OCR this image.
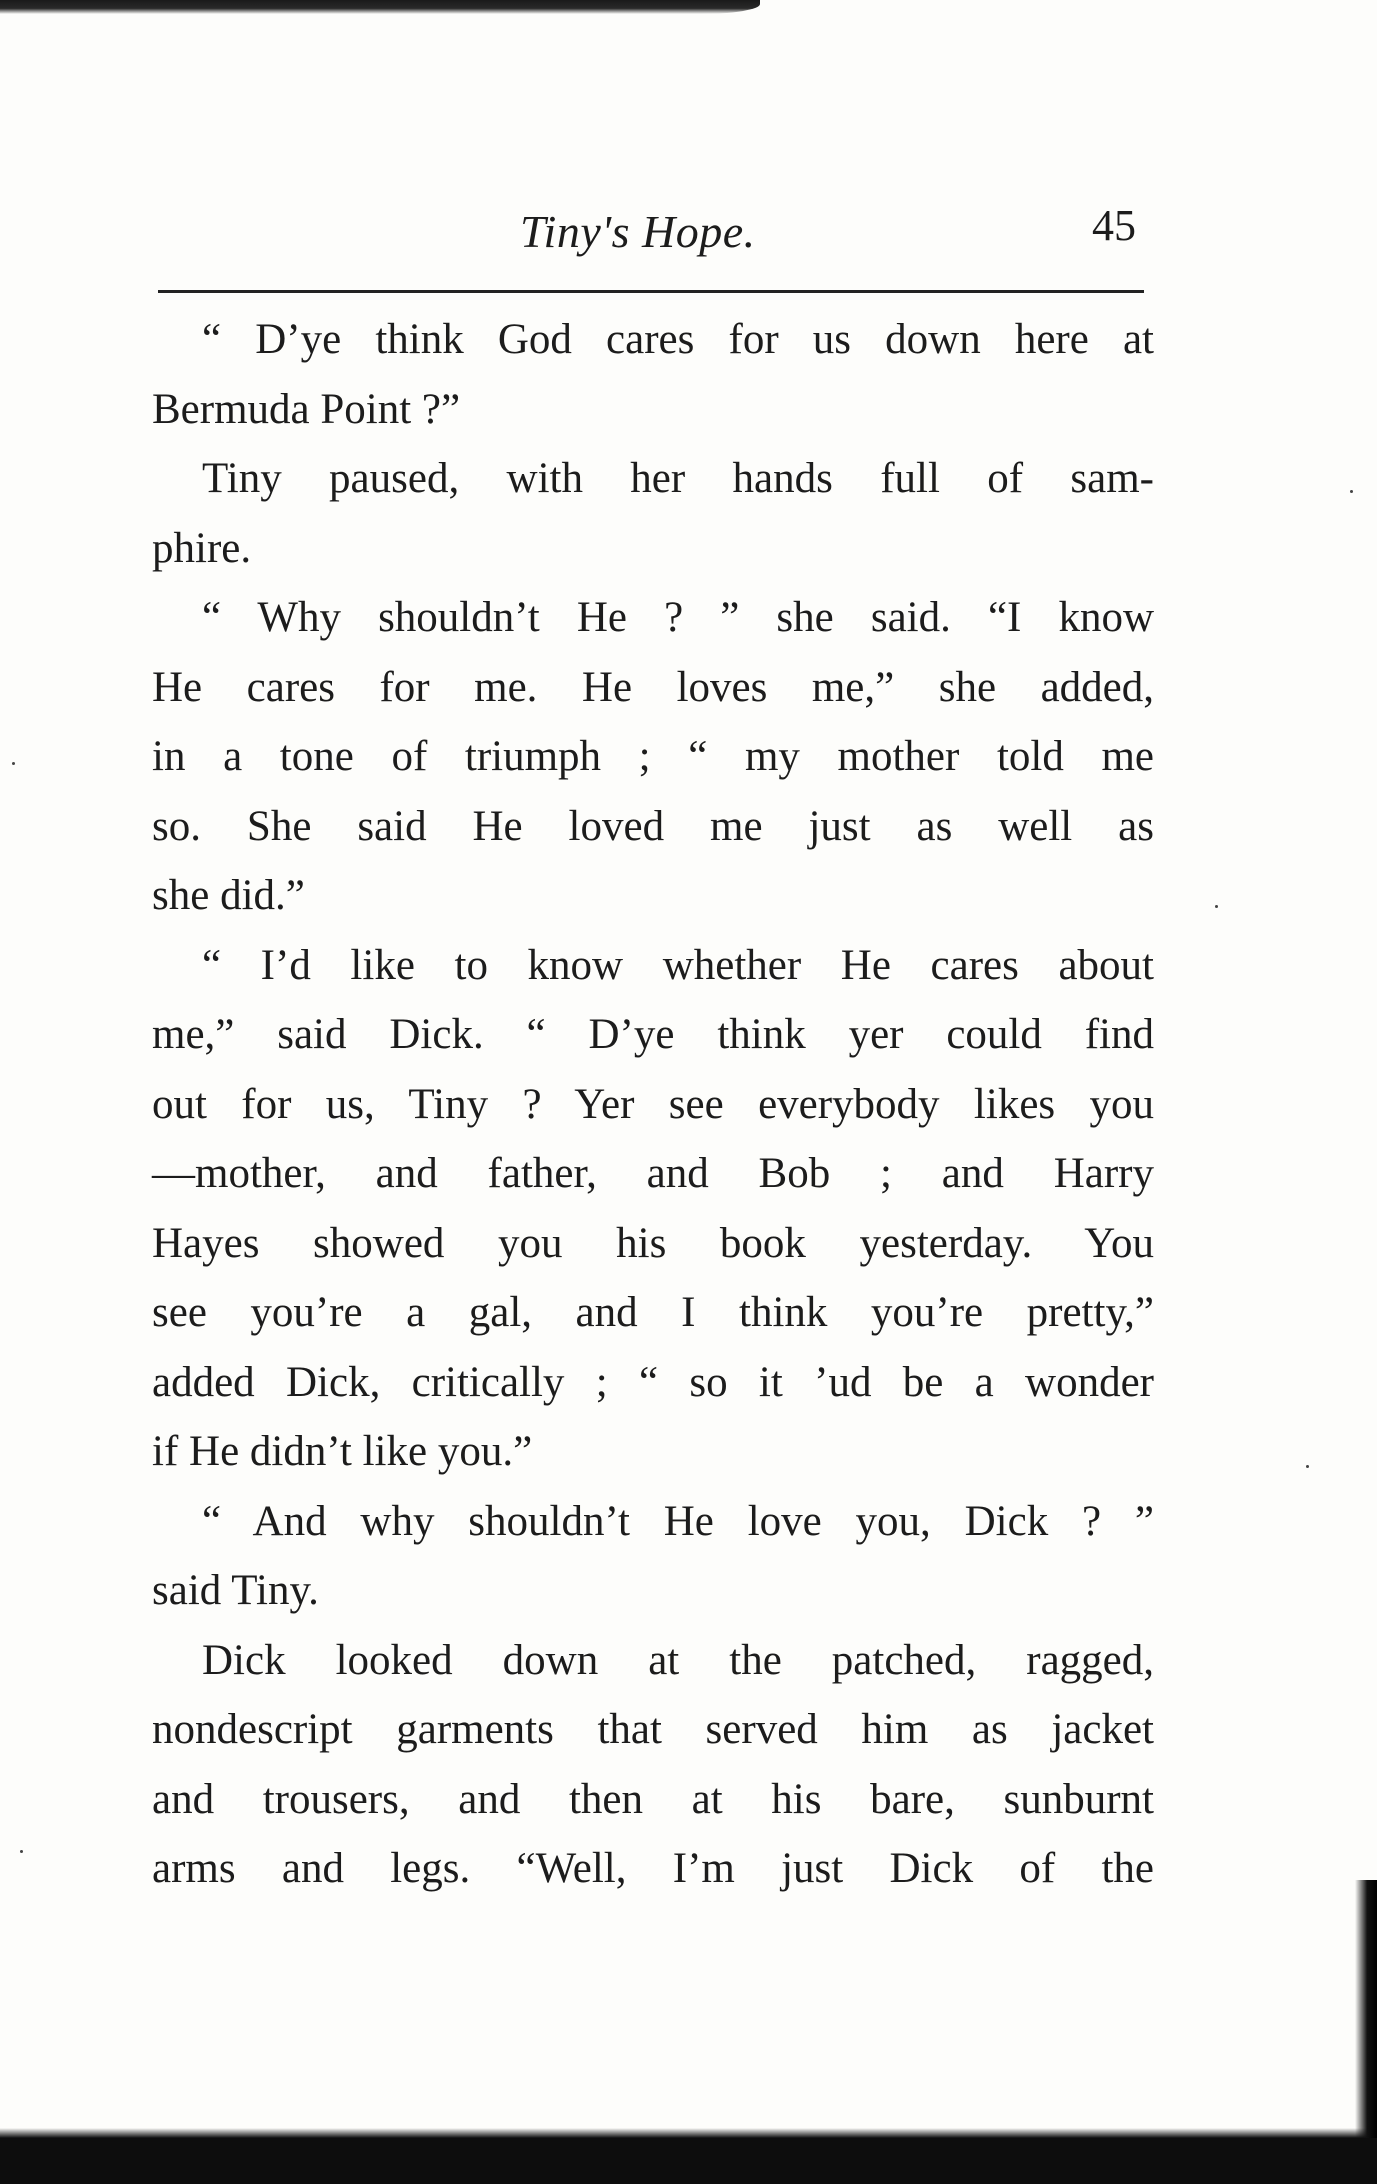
Tiny's Hope.	45
“ D’ye think God cares for us down here at
Bermuda Point ?”
Tiny paused, with her hands full of sam-
phire.
“ Why shouldn’t He ? ” she said. “I know
He cares for me. He loves me,” she added,
in a tone of triumph ; “ my mother told me
so. She said He loved me just as well as
she did.”
“ I’d like to know whether He cares about
me,” said Dick. “ D’ye think yer could find
out for us, Tiny ? Yer see everybody likes you
—mother, and father, and Bob ; and Harry
Hayes showed you his book yesterday. You
see you’re a gal, and I think you’re pretty,”
added Dick, critically ; “ so it ’ud be a wonder
if He didn’t like you.”
“ And why shouldn’t He love you, Dick ? ”
said Tiny.
Dick looked down at the patched, ragged,
nondescript garments that served him as jacket
and trousers, and then at his bare, sunburnt
arms and legs. “Well, I’m just Dick of the
